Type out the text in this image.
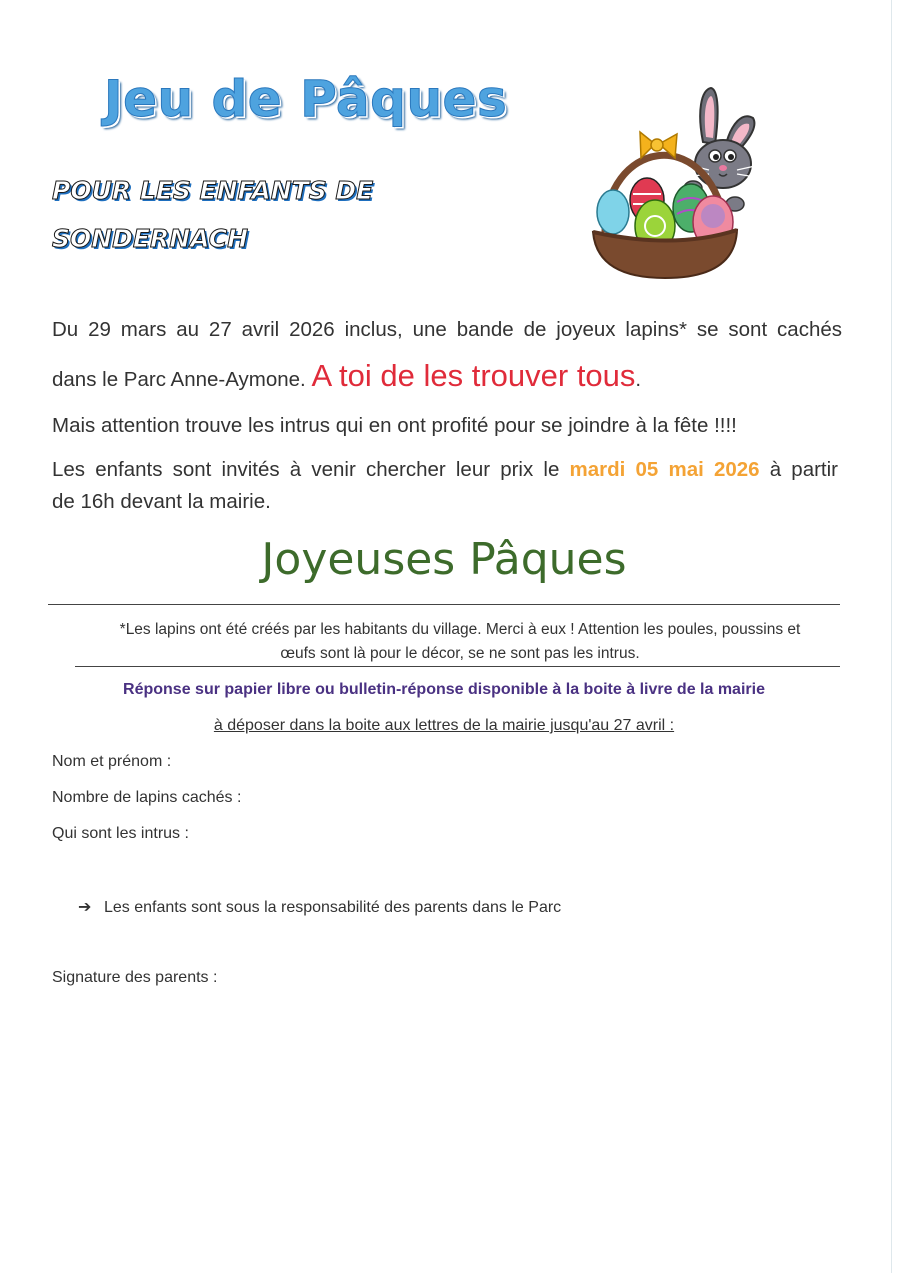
Jeu de Pâques

POUR LES ENFANTS DE

SONDERNACH

Du 29 mars au 27 avril 2026 inclus, une bande de joyeux lapins* se sont cachés

dans le Parc Anne-Aymone. A toi de les trouver tous.

Mais attention trouve les intrus qui en ont profité pour se joindre à la fête !!!!

Les enfants sont invités à venir chercher leur prix le mardi 05 mai 2026 à partir

de 16h devant la mairie.

Joyeuses Pâques

*Les lapins ont été créés par les habitants du village. Merci à eux ! Attention les poules, poussins et
œufs sont là pour le décor, se ne sont pas les intrus.

Réponse sur papier libre ou bulletin-réponse disponible à la boite à livre de la mairie

à déposer dans la boite aux lettres de la mairie jusqu'au 27 avril :

Nom et prénom :

Nombre de lapins cachés :

Qui sont les intrus :

➔ Les enfants sont sous la responsabilité des parents dans le Parc

Signature des parents :
